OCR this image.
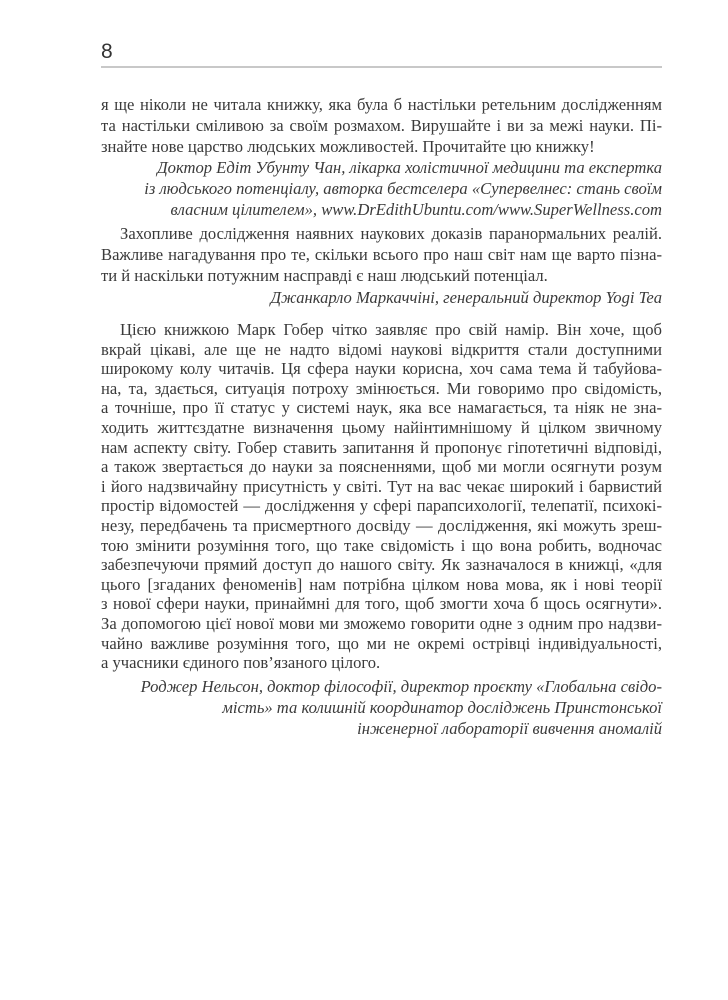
8
я ще ніколи не читала книжку, яка була б настільки ретельним дослідженням
та настільки сміливою за своїм розмахом. Вирушайте і ви за межі науки. Пі-
знайте нове царство людських можливостей. Прочитайте цю книжку!
Доктор Едіт Убунту Чан, лікарка холістичної медицини та експертка
із людського потенціалу, авторка бестселера «Супервелнес: стань своїм
власним цілителем», www.DrEdithUbuntu.com/www.SuperWellness.com
Захопливе дослідження наявних наукових доказів паранормальних реалій.
Важливе нагадування про те, скільки всього про наш світ нам ще варто пізна-
ти й наскільки потужним насправді є наш людський потенціал.
Джанкарло Маркаччіні, генеральний директор Yogi Tea
Цією книжкою Марк Гобер чітко заявляє про свій намір. Він хоче, щоб
вкрай цікаві, але ще не надто відомі наукові відкриття стали доступними
широкому колу читачів. Ця сфера науки корисна, хоч сама тема й табуйова-
на, та, здається, ситуація потроху змінюється. Ми говоримо про свідомість,
а точніше, про її статус у системі наук, яка все намагається, та ніяк не зна-
ходить життєздатне визначення цьому найінтимнішому й цілком звичному
нам аспекту світу. Гобер ставить запитання й пропонує гіпотетичні відповіді,
а також звертається до науки за поясненнями, щоб ми могли осягнути розум
і його надзвичайну присутність у світі. Тут на вас чекає широкий і барвистий
простір відомостей — дослідження у сфері парапсихології, телепатії, психокі-
незу, передбачень та присмертного досвіду — дослідження, які можуть зреш-
тою змінити розуміння того, що таке свідомість і що вона робить, водночас
забезпечуючи прямий доступ до нашого світу. Як зазначалося в книжці, «для
цього [згаданих феноменів] нам потрібна цілком нова мова, як і нові теорії
з нової сфери науки, принаймні для того, щоб змогти хоча б щось осягнути».
За допомогою цієї нової мови ми зможемо говорити одне з одним про надзви-
чайно важливе розуміння того, що ми не окремі острівці індивідуальності,
а учасники єдиного пов’язаного цілого.
Роджер Нельсон, доктор філософії, директор проєкту «Глобальна свідо-
мість» та колишній координатор досліджень Принстонської
інженерної лабораторії вивчення аномалій
